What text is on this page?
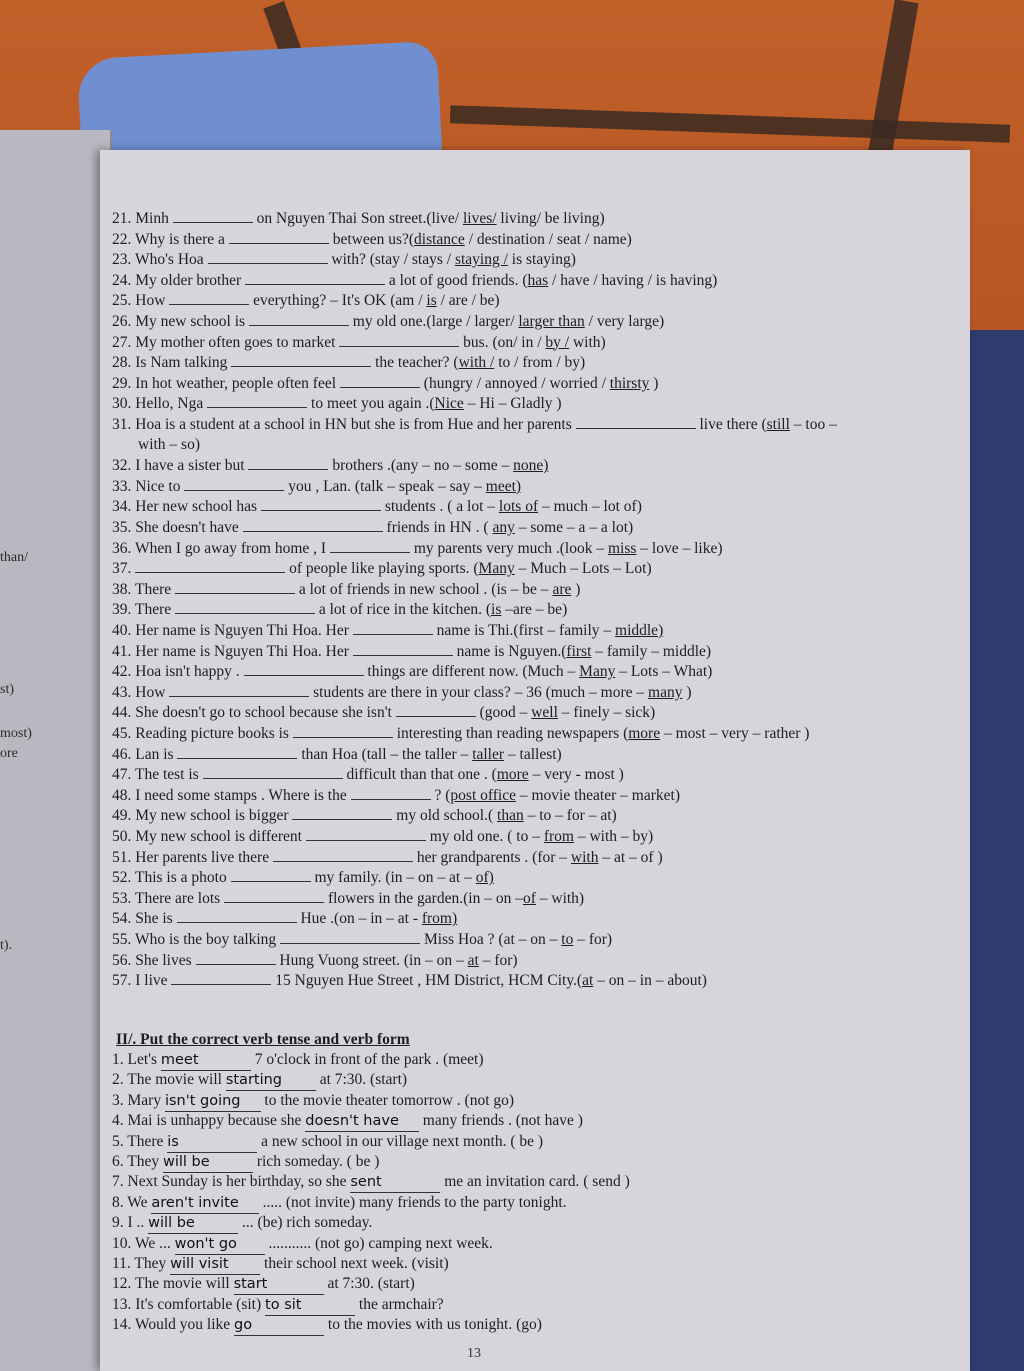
than/
st)
most)
ore
t).
21. Minh	on Nguyen Thai Son street.(live/ lives/ living/ be living)
22. Why is there a	between us?(distance / destination / seat / name)
23. Who's Hoa	with? (stay / stays / staying / is staying)
24. My older brother	a lot of good friends. (has / have / having / is having)
25. How	everything? – It's OK (am / is / are / be)
26. My new school is	my old one.(large / larger/ larger than / very large)
27. My mother often goes to market	bus. (on/ in / by / with)
28. Is Nam talking	the teacher? (with / to / from / by)
29. In hot weather, people often feel	(hungry / annoyed / worried / thirsty )
30. Hello, Nga	to meet you again .(Nice – Hi – Gladly )
31. Hoa is a student at a school in HN but she is from Hue and her parents	live there (still – too –
with – so)
32. I have a sister but	brothers .(any – no – some – none)
33. Nice to	you , Lan. (talk – speak – say – meet)
34. Her new school has	students . ( a lot – lots of – much – lot of)
35. She doesn't have	friends in HN . ( any – some – a – a lot)
36. When I go away from home , I	my parents very much .(look – miss – love – like)
37.	of people like playing sports. (Many – Much – Lots – Lot)
38. There	a lot of friends in new school . (is – be – are )
39. There	a lot of rice in the kitchen. (is –are – be)
40. Her name is Nguyen Thi Hoa. Her	name is Thi.(first – family – middle)
41. Her name is Nguyen Thi Hoa. Her	name is Nguyen.(first – family – middle)
42. Hoa isn't happy .	things are different now. (Much – Many – Lots – What)
43. How	students are there in your class? – 36 (much – more – many )
44. She doesn't go to school because she isn't	(good – well – finely – sick)
45. Reading picture books is	interesting than reading newspapers (more – most – very – rather )
46. Lan is	than Hoa (tall – the taller – taller – tallest)
47. The test is	difficult than that one . (more – very - most )
48. I need some stamps . Where is the	? (post office – movie theater – market)
49. My new school is bigger	my old school.( than – to – for – at)
50. My new school is different	my old one. ( to – from – with – by)
51. Her parents live there	her grandparents . (for – with – at – of )
52. This is a photo	my family. (in – on – at – of)
53. There are lots	flowers in the garden.(in – on –of – with)
54. She is	Hue .(on – in – at - from)
55. Who is the boy talking	Miss Hoa ? (at – on – to – for)
56. She lives	Hung Vuong street. (in – on – at – for)
57. I live	15 Nguyen Hue Street , HM District, HCM City.(at – on – in – about)
II/. Put the correct verb tense and verb form
1. Let's meet	7 o'clock in front of the park . (meet)
2. The movie will starting at 7:30. (start)
3. Mary isn't going to the movie theater tomorrow . (not go)
4. Mai is unhappy because she doesn't have many friends . (not have )
5. There is	a new school in our village next month. ( be )
6. They will be	rich someday. ( be )
7. Next Sunday is her birthday, so she sent	me an invitation card. ( send )
8. We aren't invite ..... (not invite) many friends to the party tonight.
9. I .. will be	... (be) rich someday.
10. We ... won't go ........... (not go) camping next week.
11. They will visit their school next week. (visit)
12. The movie will start	at 7:30. (start)
13. It's comfortable (sit) to sit	the armchair?
14. Would you like go	to the movies with us tonight. (go)
13
